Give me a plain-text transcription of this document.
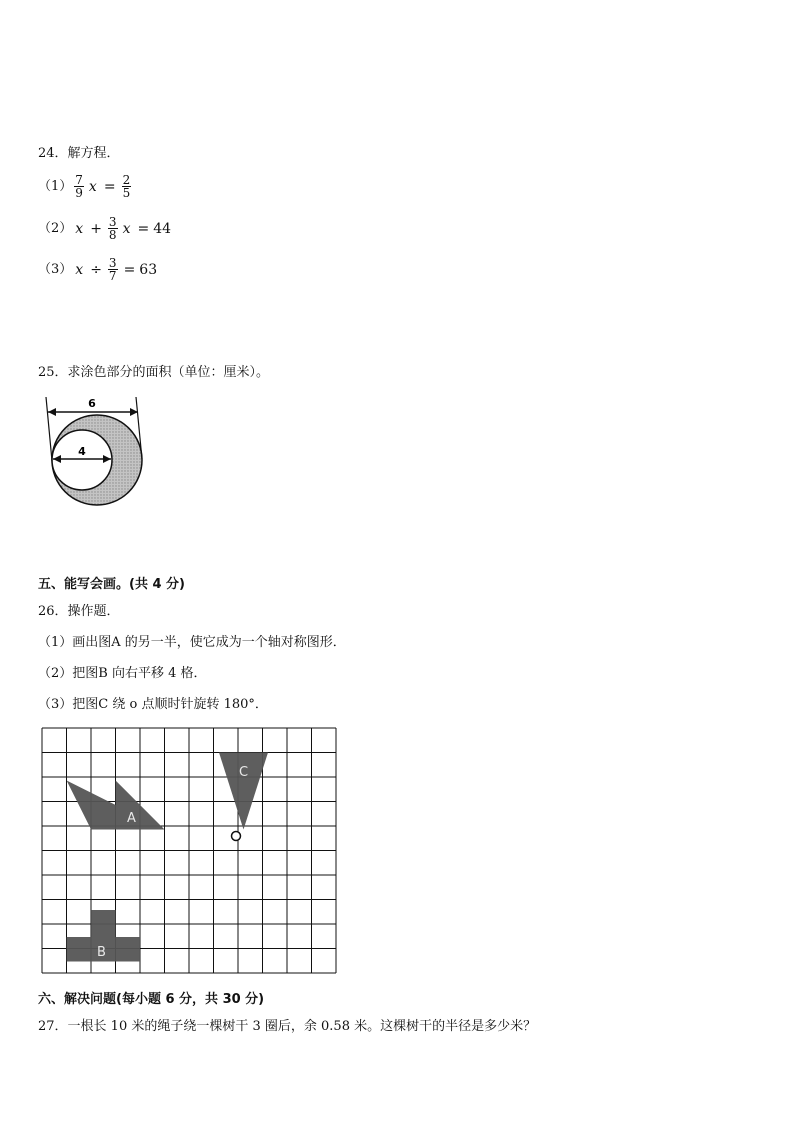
24．解方程．
$(1) \frac{7}{9}$ $x = \frac{2}{5}$
（2） $x + \frac{3}{8}$ x = 44
（3） $x \div \frac{3}{7} = 63$
25．求涂色部分的面积（单位：厘米）。
6
4
五、能写会画。(共 4 分)
26．操作题．
（1）画出图A 的另一半，使它成为一个轴对称图形．
（2）把图B 向右平移 4 格．
（3）把图C 绕 o 点顺时针旋转 180°．
A
B
C
六、解决问题(每小题 6 分，共 30 分)
27．一根长 10 米的绳子绕一棵树干 3 圈后，余 0.58 米。这棵树干的半径是多少米？
